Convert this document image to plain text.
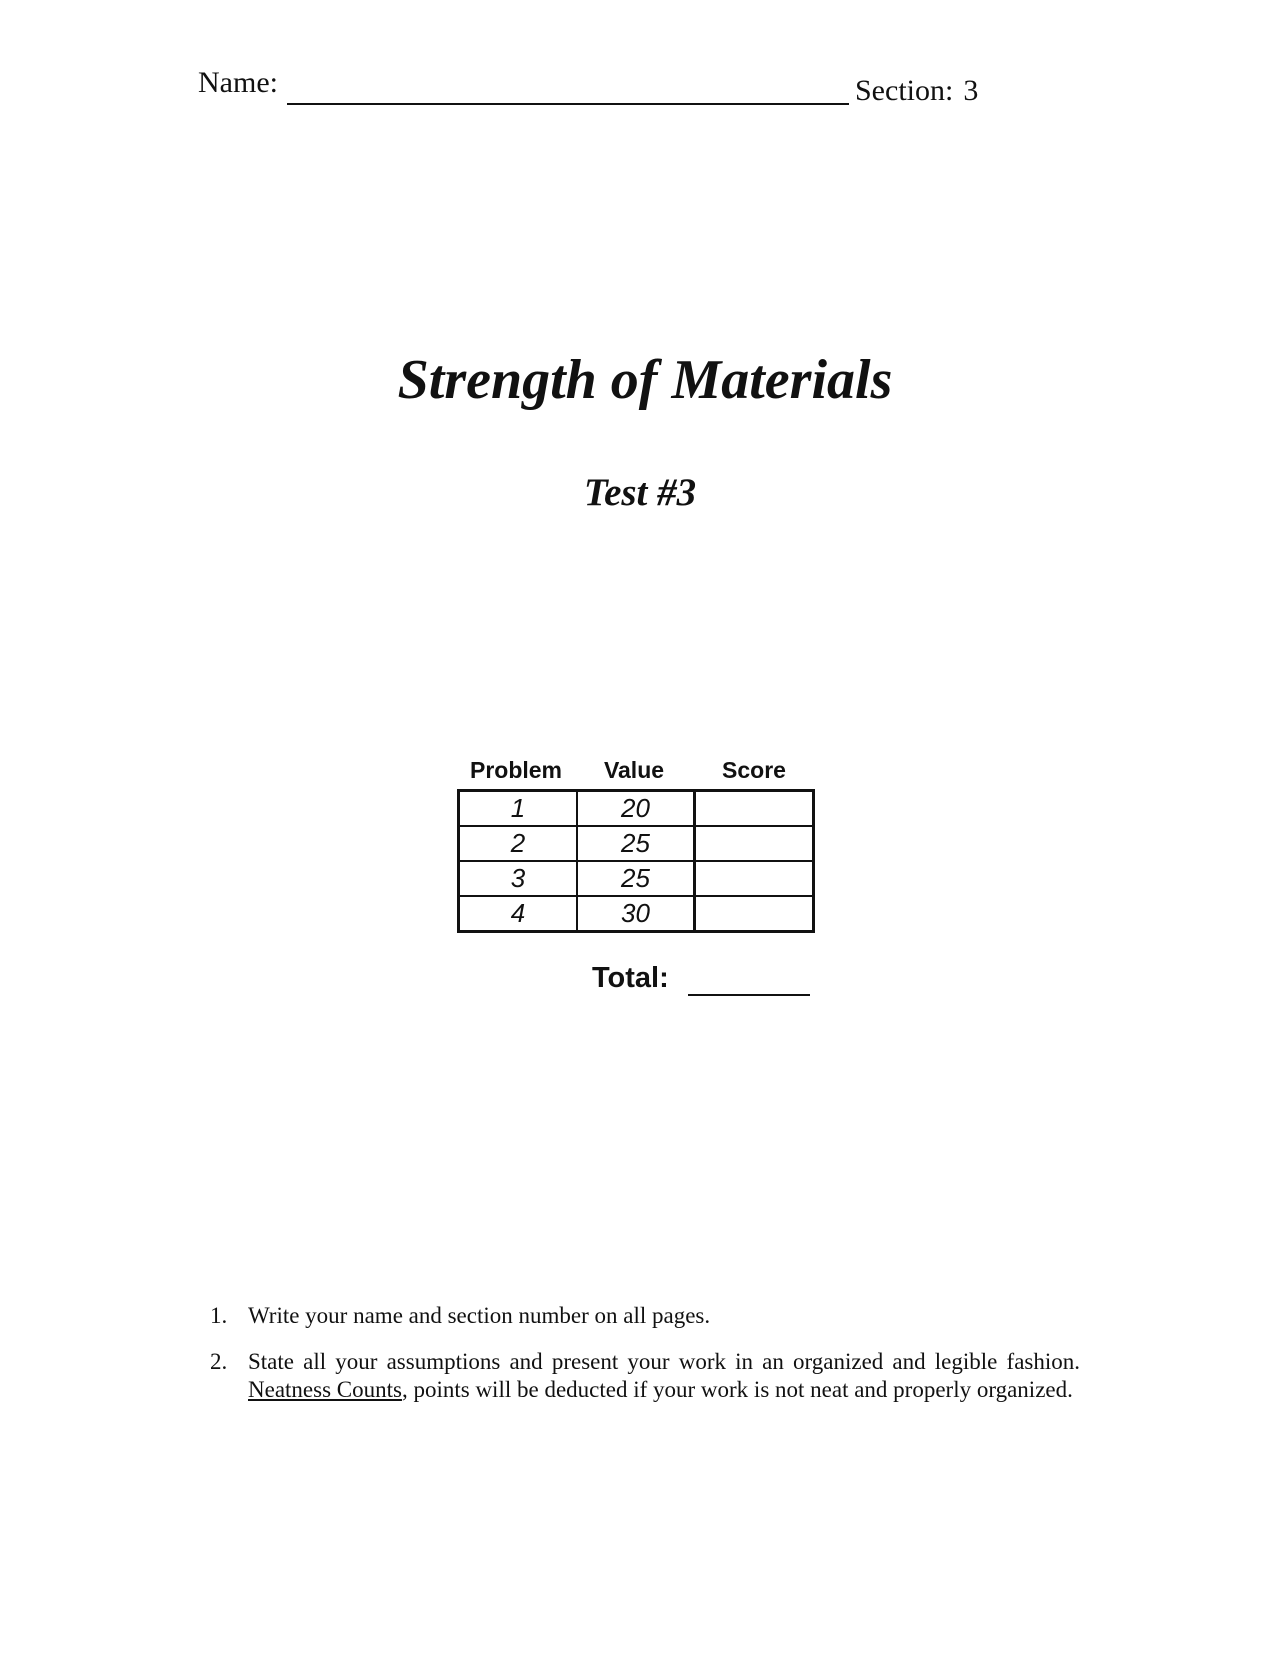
Name:	Section: 3
Strength of Materials
Test #3
Problem	Value	Score
1	20
2	25
3	25
4	30
Total:
1. Write your name and section number on all pages.
2. State all your assumptions and present your work in an organized and legible fashion. Neatness Counts, points will be deducted if your work is not neat and properly organized.
